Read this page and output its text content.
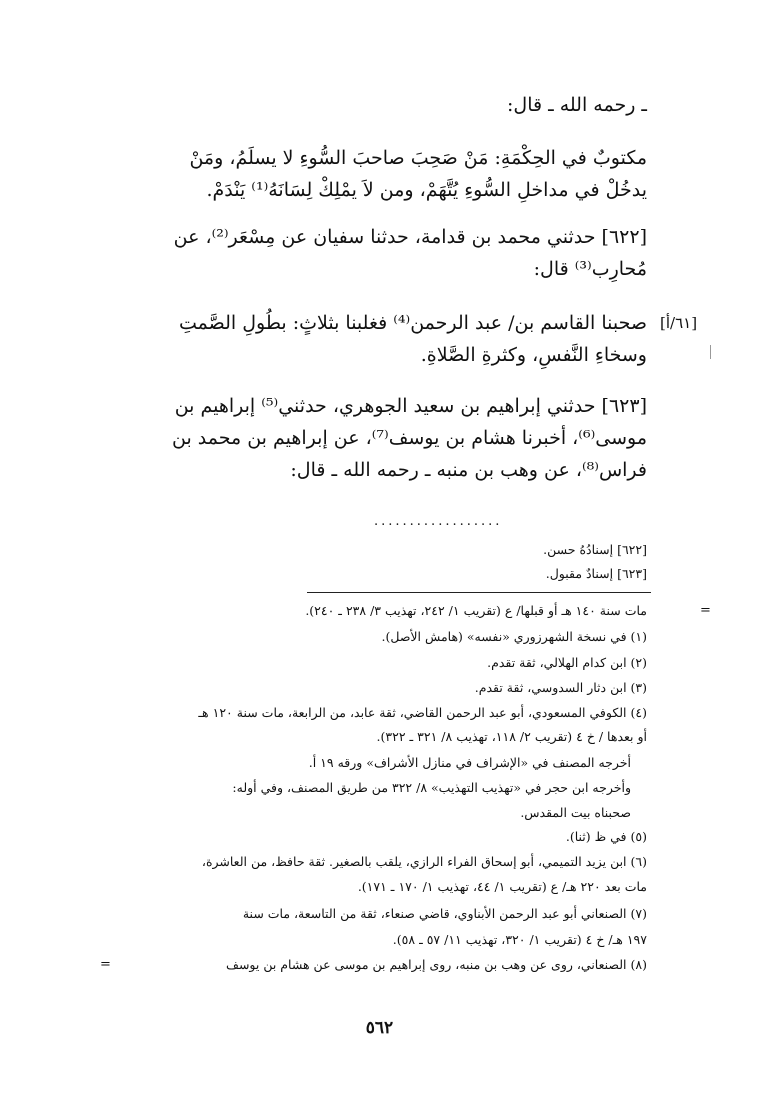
[٦١/أ]
ـ رحمه الله ـ قال:
مكتوبٌ في الحِكْمَةِ: مَنْ صَحِبَ صاحبَ السُّوءِ لا يسلَمُ، ومَنْ
يدخُلْ في مداخلِ السُّوءِ يُتَّهَمْ، ومن لاَ يمْلِكْ لِسَانَهُ⁽¹⁾ يَنْدَمْ.
[٦٢٢] حدثني محمد بن قدامة، حدثنا سفيان عن مِسْعَر⁽²⁾، عن
مُحارِب⁽³⁾ قال:
صحبنا القاسم بن/ عبد الرحمن⁽⁴⁾ فغلبنا بثلاثٍ: بطُولِ الصَّمتِ
وسخاءِ النَّفسِ، وكثرةِ الصَّلاةِ.
[٦٢٣] حدثني إبراهيم بن سعيد الجوهري، حدثني⁽⁵⁾ إبراهيم بن
موسى⁽⁶⁾، أخبرنا هشام بن يوسف⁽⁷⁾، عن إبراهيم بن محمد بن
فراس⁽⁸⁾، عن وهب بن منبه ـ رحمه الله ـ قال:
..................
[٦٢٢] إسنادُهُ حسن.
[٦٢٣] إسنادٌ مقبول.
=
مات سنة ١٤٠ هـ أو قبلها/ ع (تقريب ١/ ٢٤٢، تهذيب ٣/ ٢٣٨ ـ ٢٤٠).
(١) في نسخة الشهرزوري «نفسه» (هامش الأصل).
(٢) ابن كدام الهلالي، ثقة تقدم.
(٣) ابن دثار السدوسي، ثقة تقدم.
(٤) الكوفي المسعودي، أبو عبد الرحمن القاضي، ثقة عابد، من الرابعة، مات سنة ١٢٠ هـ
أو بعدها / خ ٤ (تقريب ٢/ ١١٨، تهذيب ٨/ ٣٢١ ـ ٣٢٢).
أخرجه المصنف في «الإشراف في منازل الأشراف» ورقه ١٩ أ.
وأخرجه ابن حجر في «تهذيب التهذيب» ٨/ ٣٢٢ من طريق المصنف، وفي أوله:
صحبناه بيت المقدس.
(٥) في ظ (ثنا).
(٦) ابن يزيد التميمي، أبو إسحاق الفراء الرازي، يلقب بالصغير. ثقة حافظ، من العاشرة،
مات بعد ٢٢٠ هـ/ ع (تقريب ١/ ٤٤، تهذيب ١/ ١٧٠ ـ ١٧١).
(٧) الصنعاني أبو عبد الرحمن الأبناوي، قاضي صنعاء، ثقة من التاسعة، مات سنة
١٩٧ هـ/ خ ٤ (تقريب ١/ ٣٢٠، تهذيب ١١/ ٥٧ ـ ٥٨).
(٨) الصنعاني، روى عن وهب بن منبه، روى إبراهيم بن موسى عن هشام بن يوسف
=
٥٦٢
